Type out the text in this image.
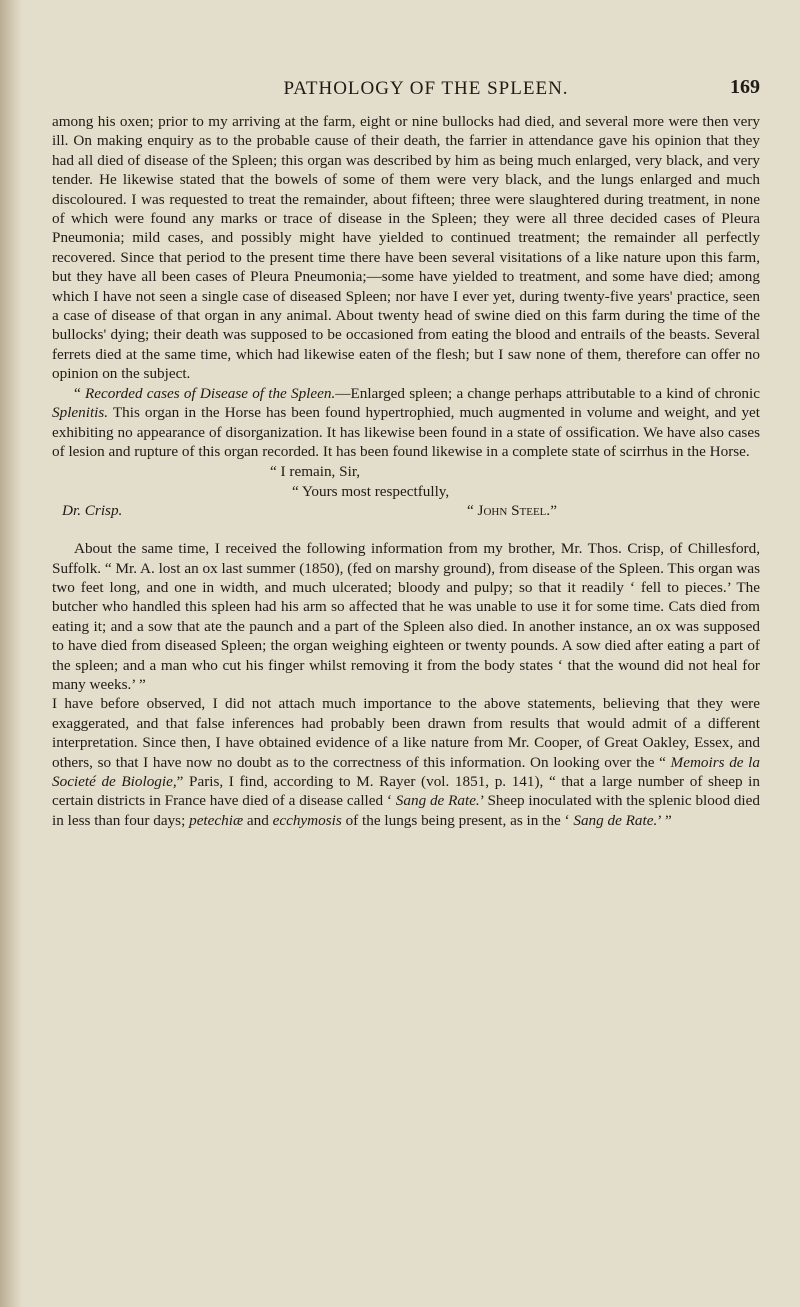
PATHOLOGY OF THE SPLEEN.	169

among his oxen; prior to my arriving at the farm, eight or nine bullocks had died, and several more were then very ill. On making enquiry as to the probable cause of their death, the farrier in attendance gave his opinion that they had all died of disease of the Spleen; this organ was described by him as being much enlarged, very black, and very tender. He likewise stated that the bowels of some of them were very black, and the lungs enlarged and much discoloured. I was requested to treat the remainder, about fifteen; three were slaughtered during treatment, in none of which were found any marks or trace of disease in the Spleen; they were all three decided cases of Pleura Pneumonia; mild cases, and possibly might have yielded to continued treatment; the remainder all perfectly recovered. Since that period to the present time there have been several visitations of a like nature upon this farm, but they have all been cases of Pleura Pneumonia;—some have yielded to treatment, and some have died; among which I have not seen a single case of diseased Spleen; nor have I ever yet, during twenty-five years' practice, seen a case of disease of that organ in any animal. About twenty head of swine died on this farm during the time of the bullocks' dying; their death was supposed to be occasioned from eating the blood and entrails of the beasts. Several ferrets died at the same time, which had likewise eaten of the flesh; but I saw none of them, therefore can offer no opinion on the subject.

“ Recorded cases of Disease of the Spleen.—Enlarged spleen; a change perhaps attributable to a kind of chronic Splenitis. This organ in the Horse has been found hypertrophied, much augmented in volume and weight, and yet exhibiting no appearance of disorganization. It has likewise been found in a state of ossification. We have also cases of lesion and rupture of this organ recorded. It has been found likewise in a complete state of scirrhus in the Horse.

“ I remain, Sir,
“ Yours most respectfully,
Dr. Crisp.	“ John Steel.”

About the same time, I received the following information from my brother, Mr. Thos. Crisp, of Chillesford, Suffolk. “ Mr. A. lost an ox last summer (1850), (fed on marshy ground), from disease of the Spleen. This organ was two feet long, and one in width, and much ulcerated; bloody and pulpy; so that it readily ‘ fell to pieces.’ The butcher who handled this spleen had his arm so affected that he was unable to use it for some time. Cats died from eating it; and a sow that ate the paunch and a part of the Spleen also died. In another instance, an ox was supposed to have died from diseased Spleen; the organ weighing eighteen or twenty pounds. A sow died after eating a part of the spleen; and a man who cut his finger whilst removing it from the body states ‘ that the wound did not heal for many weeks.’ ”

I have before observed, I did not attach much importance to the above statements, believing that they were exaggerated, and that false inferences had probably been drawn from results that would admit of a different interpretation. Since then, I have obtained evidence of a like nature from Mr. Cooper, of Great Oakley, Essex, and others, so that I have now no doubt as to the correctness of this information. On looking over the “ Memoirs de la Societé de Biologie,” Paris, I find, according to M. Rayer (vol. 1851, p. 141), “ that a large number of sheep in certain districts in France have died of a disease called ‘ Sang de Rate.’ Sheep inoculated with the splenic blood died in less than four days; petechiæ and ecchymosis of the lungs being present, as in the ‘ Sang de Rate.’ ”
